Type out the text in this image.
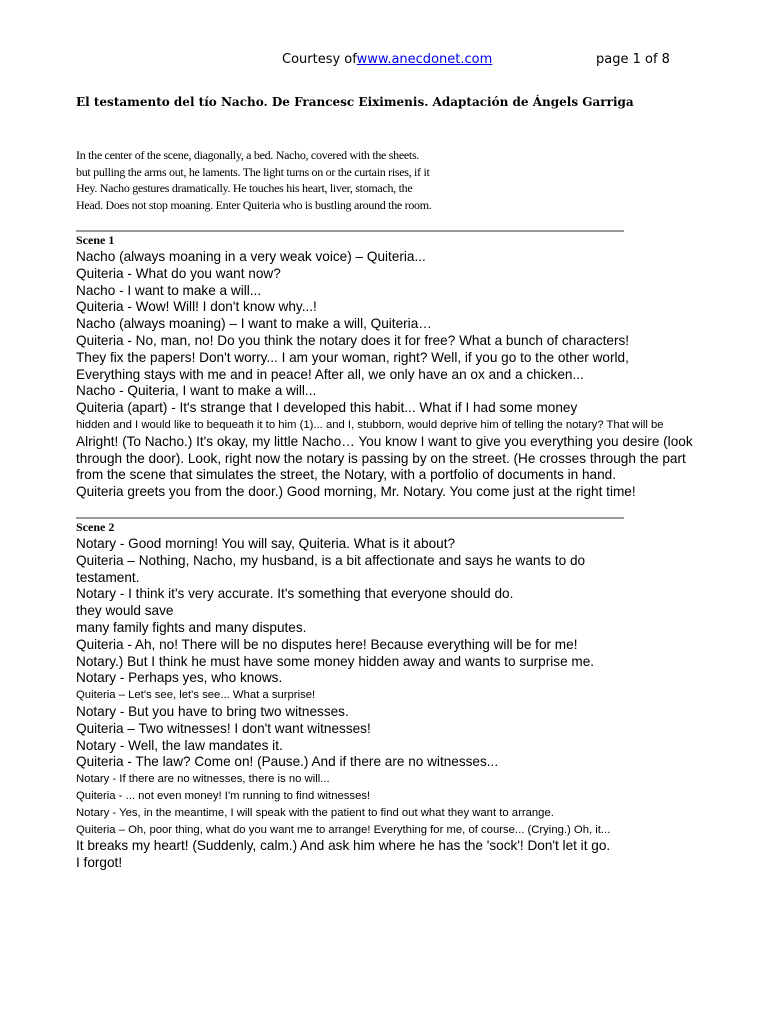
Courtesy ofwww.anecdonet.com	page 1 of 8
El testamento del tío Nacho. De Francesc Eiximenis. Adaptación de Ángels Garriga
In the center of the scene, diagonally, a bed. Nacho, covered with the sheets.
but pulling the arms out, he laments. The light turns on or the curtain rises, if it
Hey. Nacho gestures dramatically. He touches his heart, liver, stomach, the
Head. Does not stop moaning. Enter Quiteria who is bustling around the room.
Scene 1
Nacho (always moaning in a very weak voice) – Quiteria...
Quiteria - What do you want now?
Nacho - I want to make a will...
Quiteria - Wow! Will! I don't know why...!
Nacho (always moaning) – I want to make a will, Quiteria…
Quiteria - No, man, no! Do you think the notary does it for free? What a bunch of characters!
They fix the papers! Don't worry... I am your woman, right? Well, if you go to the other world,
Everything stays with me and in peace! After all, we only have an ox and a chicken...
Nacho - Quiteria, I want to make a will...
Quiteria (apart) - It's strange that I developed this habit... What if I had some money
hidden and I would like to bequeath it to him (1)... and I, stubborn, would deprive him of telling the notary? That will be
Alright! (To Nacho.) It's okay, my little Nacho… You know I want to give you everything you desire (look
through the door). Look, right now the notary is passing by on the street. (He crosses through the part
from the scene that simulates the street, the Notary, with a portfolio of documents in hand.
Quiteria greets you from the door.) Good morning, Mr. Notary. You come just at the right time!
Scene 2
Notary - Good morning! You will say, Quiteria. What is it about?
Quiteria – Nothing, Nacho, my husband, is a bit affectionate and says he wants to do
testament.
Notary - I think it's very accurate. It's something that everyone should do.
they would save
many family fights and many disputes.
Quiteria - Ah, no! There will be no disputes here! Because everything will be for me!
Notary.) But I think he must have some money hidden away and wants to surprise me.
Notary - Perhaps yes, who knows.
Quiteria – Let's see, let's see... What a surprise!
Notary - But you have to bring two witnesses.
Quiteria – Two witnesses! I don't want witnesses!
Notary - Well, the law mandates it.
Quiteria - The law? Come on! (Pause.) And if there are no witnesses...
Notary - If there are no witnesses, there is no will...
Quiteria - ... not even money! I'm running to find witnesses!
Notary - Yes, in the meantime, I will speak with the patient to find out what they want to arrange.
Quiteria – Oh, poor thing, what do you want me to arrange! Everything for me, of course... (Crying.) Oh, it...
It breaks my heart! (Suddenly, calm.) And ask him where he has the 'sock'! Don't let it go.
I forgot!
